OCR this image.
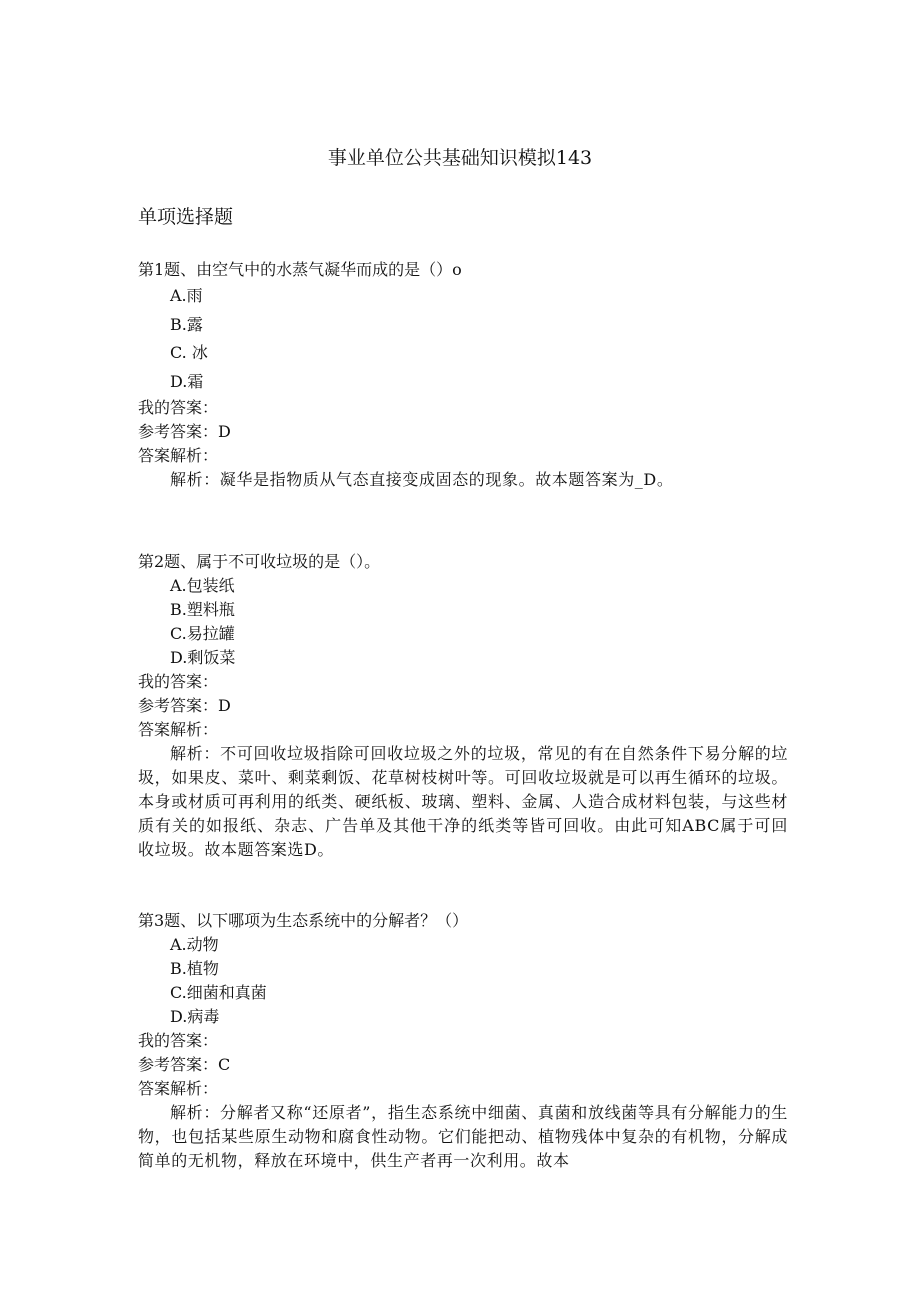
事业单位公共基础知识模拟143
单项选择题
第1题、由空气中的水蒸气凝华而成的是（）o
A.雨
B.露
C. 冰
D.霜
我的答案：
参考答案：D
答案解析：
解析：凝华是指物质从气态直接变成固态的现象。故本题答案为_D。
第2题、属于不可收垃圾的是（）。
A.包装纸
B.塑料瓶
C.易拉罐
D.剩饭菜
我的答案：
参考答案：D
答案解析：
解析：不可回收垃圾指除可回收垃圾之外的垃圾，常见的有在自然条件下易分解的垃圾，如果皮、菜叶、剩菜剩饭、花草树枝树叶等。可回收垃圾就是可以再生循环的垃圾。本身或材质可再利用的纸类、硬纸板、玻璃、塑料、金属、人造合成材料包装，与这些材质有关的如报纸、杂志、广告单及其他干净的纸类等皆可回收。由此可知ABC属于可回收垃圾。故本题答案选D。
第3题、以下哪项为生态系统中的分解者？（）
A.动物
B.植物
C.细菌和真菌
D.病毒
我的答案：
参考答案：C
答案解析：
解析：分解者又称“还原者”，指生态系统中细菌、真菌和放线菌等具有分解能力的生物，也包括某些原生动物和腐食性动物。它们能把动、植物残体中复杂的有机物，分解成简单的无机物，释放在环境中，供生产者再一次利用。故本
